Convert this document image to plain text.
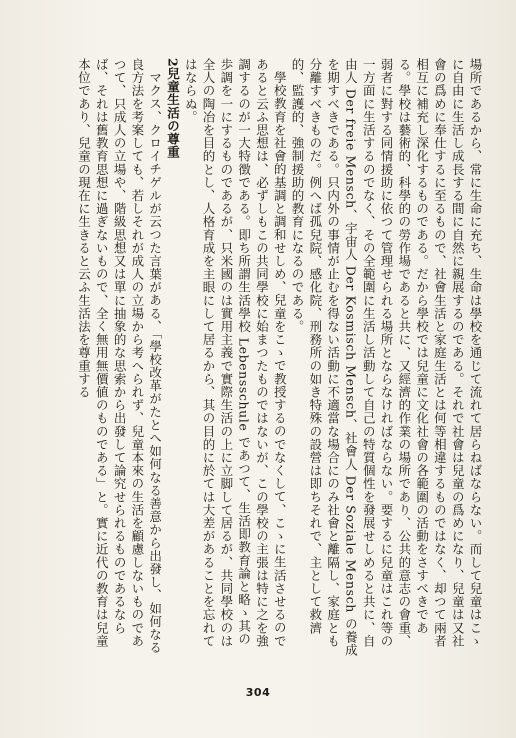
場所であるから、常に生命に充ち、生命は學校を通じて流れて居らねばならない。而して兒童はこゝに自由に生活し成長する間に自然に親展するのである。それで社會は兒童の爲めになり、兒童は又社會の爲めに奉仕するに至るもので、社會生活と家庭生活とは何等相違するものではなく、却つて兩者相互に補充し深化するものである。だから學校では兒童に文化社會の各範圍の活動をさすべきである。學校は藝術的、科學的の勞作場であると共に、又經濟的作業の場所であり、公共的意志の會重、弱者に對する同情援助に依つて管理せられる場所とならなければならない。要するに兒童はこれ等の一方面に生活するのでなく、その全範圍に生活し活動して自己の特質個性を發展せしめると共に、自由人 Der freie Mensch、宇宙人 Der Kosmisch Mensch、社會人 Der Soziale Mensch の養成を期すべきである。只内外の事情が止むを得ない活動に不適當な場合にのみ社會と離隔し、家庭とも分離すべきものだ。例へば孤兒院、感化院、刑務所の如き特殊の設營は即ちそれで、主として救濟的、監護的、強制援助的教育になるのである。

學校教育を社會的基調と調和せしめ、兒童をこゝで教授するのでなくして、こゝに生活させるのであると云ふ思想は、必ずしもこの共同學校に始まつたものではないが、この學校の主張は特に之を強調するのが一大特徴である。即ち所謂生活學校 Lebensschule であつて、生活即教育論と略ゝ其の歩調を一にするものであるが、只米國のは實用主義で實際生活の上に立脚して居るが、共同學校のは全人の陶冶を目的とし、人格育成を主眼にして居るから、其の目的に於ては大差があることを忘れてはならぬ。

2兒童生活の尊重

マクス、クロイチゲルが云つた言葉がある、「學校改革がたとへ如何なる善意から出發し、如何なる良方法を考案しても、若しそれが成人の立場から考へられず、兒童本來の生活を顧慮しないものであつて、只成人の立場や、階級思想又は單に抽象的な思索から出發して論究せられるものであるならば、それは舊教育思想に過ぎないもので、全く無用無價値のものである」と。實に近代の教育は兒童本位であり、兒童の現在に生きると云ふ生活法を尊重する

304
